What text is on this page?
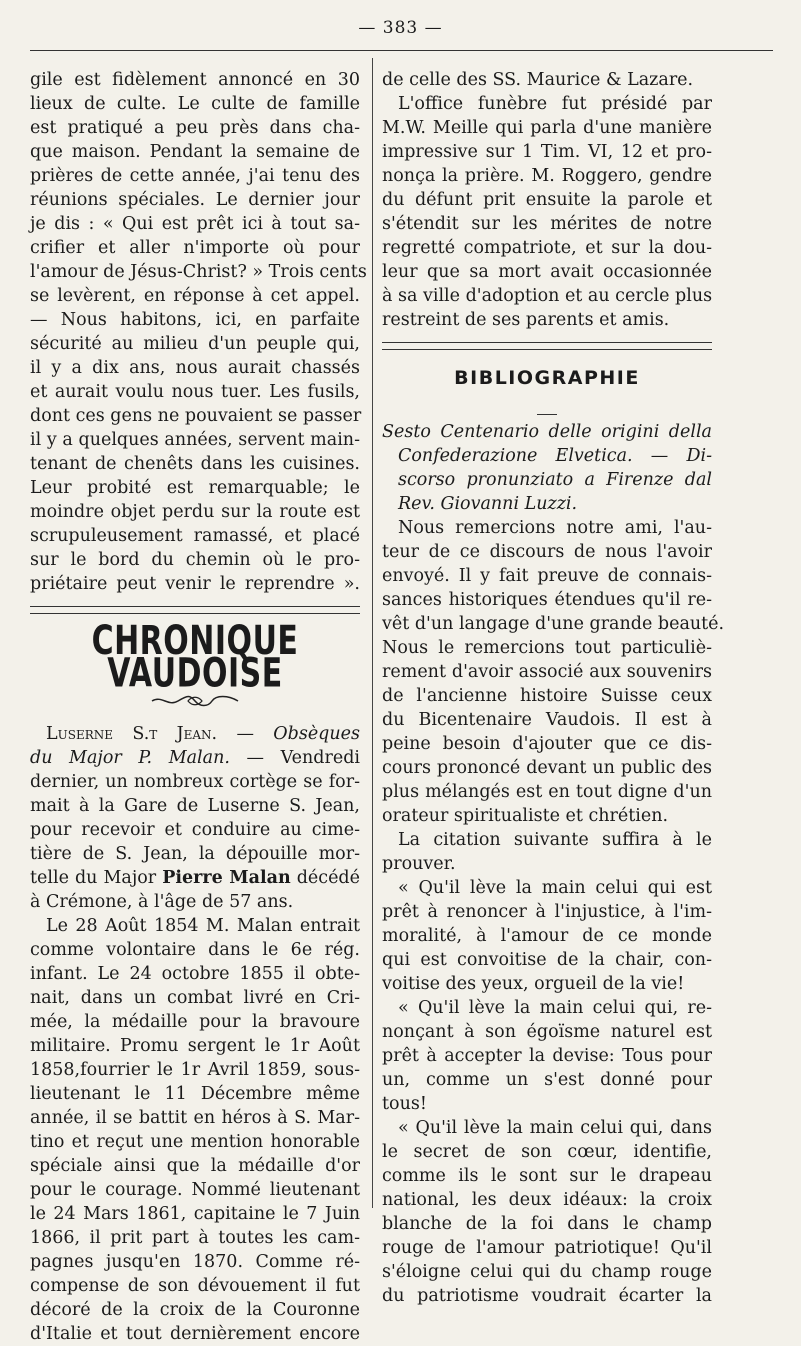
— 383 —
gile est fidèlement annoncé en 30
lieux de culte. Le culte de famille
est pratiqué a peu près dans cha-
que maison. Pendant la semaine de
prières de cette année, j'ai tenu des
réunions spéciales. Le dernier jour
je dis : « Qui est prêt ici à tout sa-
crifier et aller n'importe où pour
l'amour de Jésus-Christ? » Trois cents
se levèrent, en réponse à cet appel.
— Nous habitons, ici, en parfaite
sécurité au milieu d'un peuple qui,
il y a dix ans, nous aurait chassés
et aurait voulu nous tuer. Les fusils,
dont ces gens ne pouvaient se passer
il y a quelques années, servent main-
tenant de chenêts dans les cuisines.
Leur probité est remarquable; le
moindre objet perdu sur la route est
scrupuleusement ramassé, et placé
sur le bord du chemin où le pro-
priétaire peut venir le reprendre ».
CHRONIQUE VAUDOISE
Luserne S.t Jean. — Obsèques
du Major P. Malan. — Vendredi
dernier, un nombreux cortège se for-
mait à la Gare de Luserne S. Jean,
pour recevoir et conduire au cime-
tière de S. Jean, la dépouille mor-
telle du Major Pierre Malan décédé
à Crémone, à l'âge de 57 ans.
Le 28 Août 1854 M. Malan entrait
comme volontaire dans le 6e rég.
infant. Le 24 octobre 1855 il obte-
nait, dans un combat livré en Cri-
mée, la médaille pour la bravoure
militaire. Promu sergent le 1r Août
1858,fourrier le 1r Avril 1859, sous-
lieutenant le 11 Décembre même
année, il se battit en héros à S. Mar-
tino et reçut une mention honorable
spéciale ainsi que la médaille d'or
pour le courage. Nommé lieutenant
le 24 Mars 1861, capitaine le 7 Juin
1866, il prit part à toutes les cam-
pagnes jusqu'en 1870. Comme ré-
compense de son dévouement il fut
décoré de la croix de la Couronne
d'Italie et tout dernièrement encore
de celle des SS. Maurice & Lazare.
L'office funèbre fut présidé par
M.W. Meille qui parla d'une manière
impressive sur 1 Tim. VI, 12 et pro-
nonça la prière. M. Roggero, gendre
du défunt prit ensuite la parole et
s'étendit sur les mérites de notre
regretté compatriote, et sur la dou-
leur que sa mort avait occasionnée
à sa ville d'adoption et au cercle plus
restreint de ses parents et amis.
BIBLIOGRAPHIE
Sesto Centenario delle origini della
Confederazione Elvetica. — Di-
scorso pronunziato a Firenze dal
Rev. Giovanni Luzzi.
Nous remercions notre ami, l'au-
teur de ce discours de nous l'avoir
envoyé. Il y fait preuve de connais-
sances historiques étendues qu'il re-
vêt d'un langage d'une grande beauté.
Nous le remercions tout particuliè-
rement d'avoir associé aux souvenirs
de l'ancienne histoire Suisse ceux
du Bicentenaire Vaudois. Il est à
peine besoin d'ajouter que ce dis-
cours prononcé devant un public des
plus mélangés est en tout digne d'un
orateur spiritualiste et chrétien.
La citation suivante suffira à le
prouver.
« Qu'il lève la main celui qui est
prêt à renoncer à l'injustice, à l'im-
moralité, à l'amour de ce monde
qui est convoitise de la chair, con-
voitise des yeux, orgueil de la vie!
« Qu'il lève la main celui qui, re-
nonçant à son égoïsme naturel est
prêt à accepter la devise: Tous pour
un, comme un s'est donné pour
tous!
« Qu'il lève la main celui qui, dans
le secret de son cœur, identifie,
comme ils le sont sur le drapeau
national, les deux idéaux: la croix
blanche de la foi dans le champ
rouge de l'amour patriotique! Qu'il
s'éloigne celui qui du champ rouge
du patriotisme voudrait écarter la
